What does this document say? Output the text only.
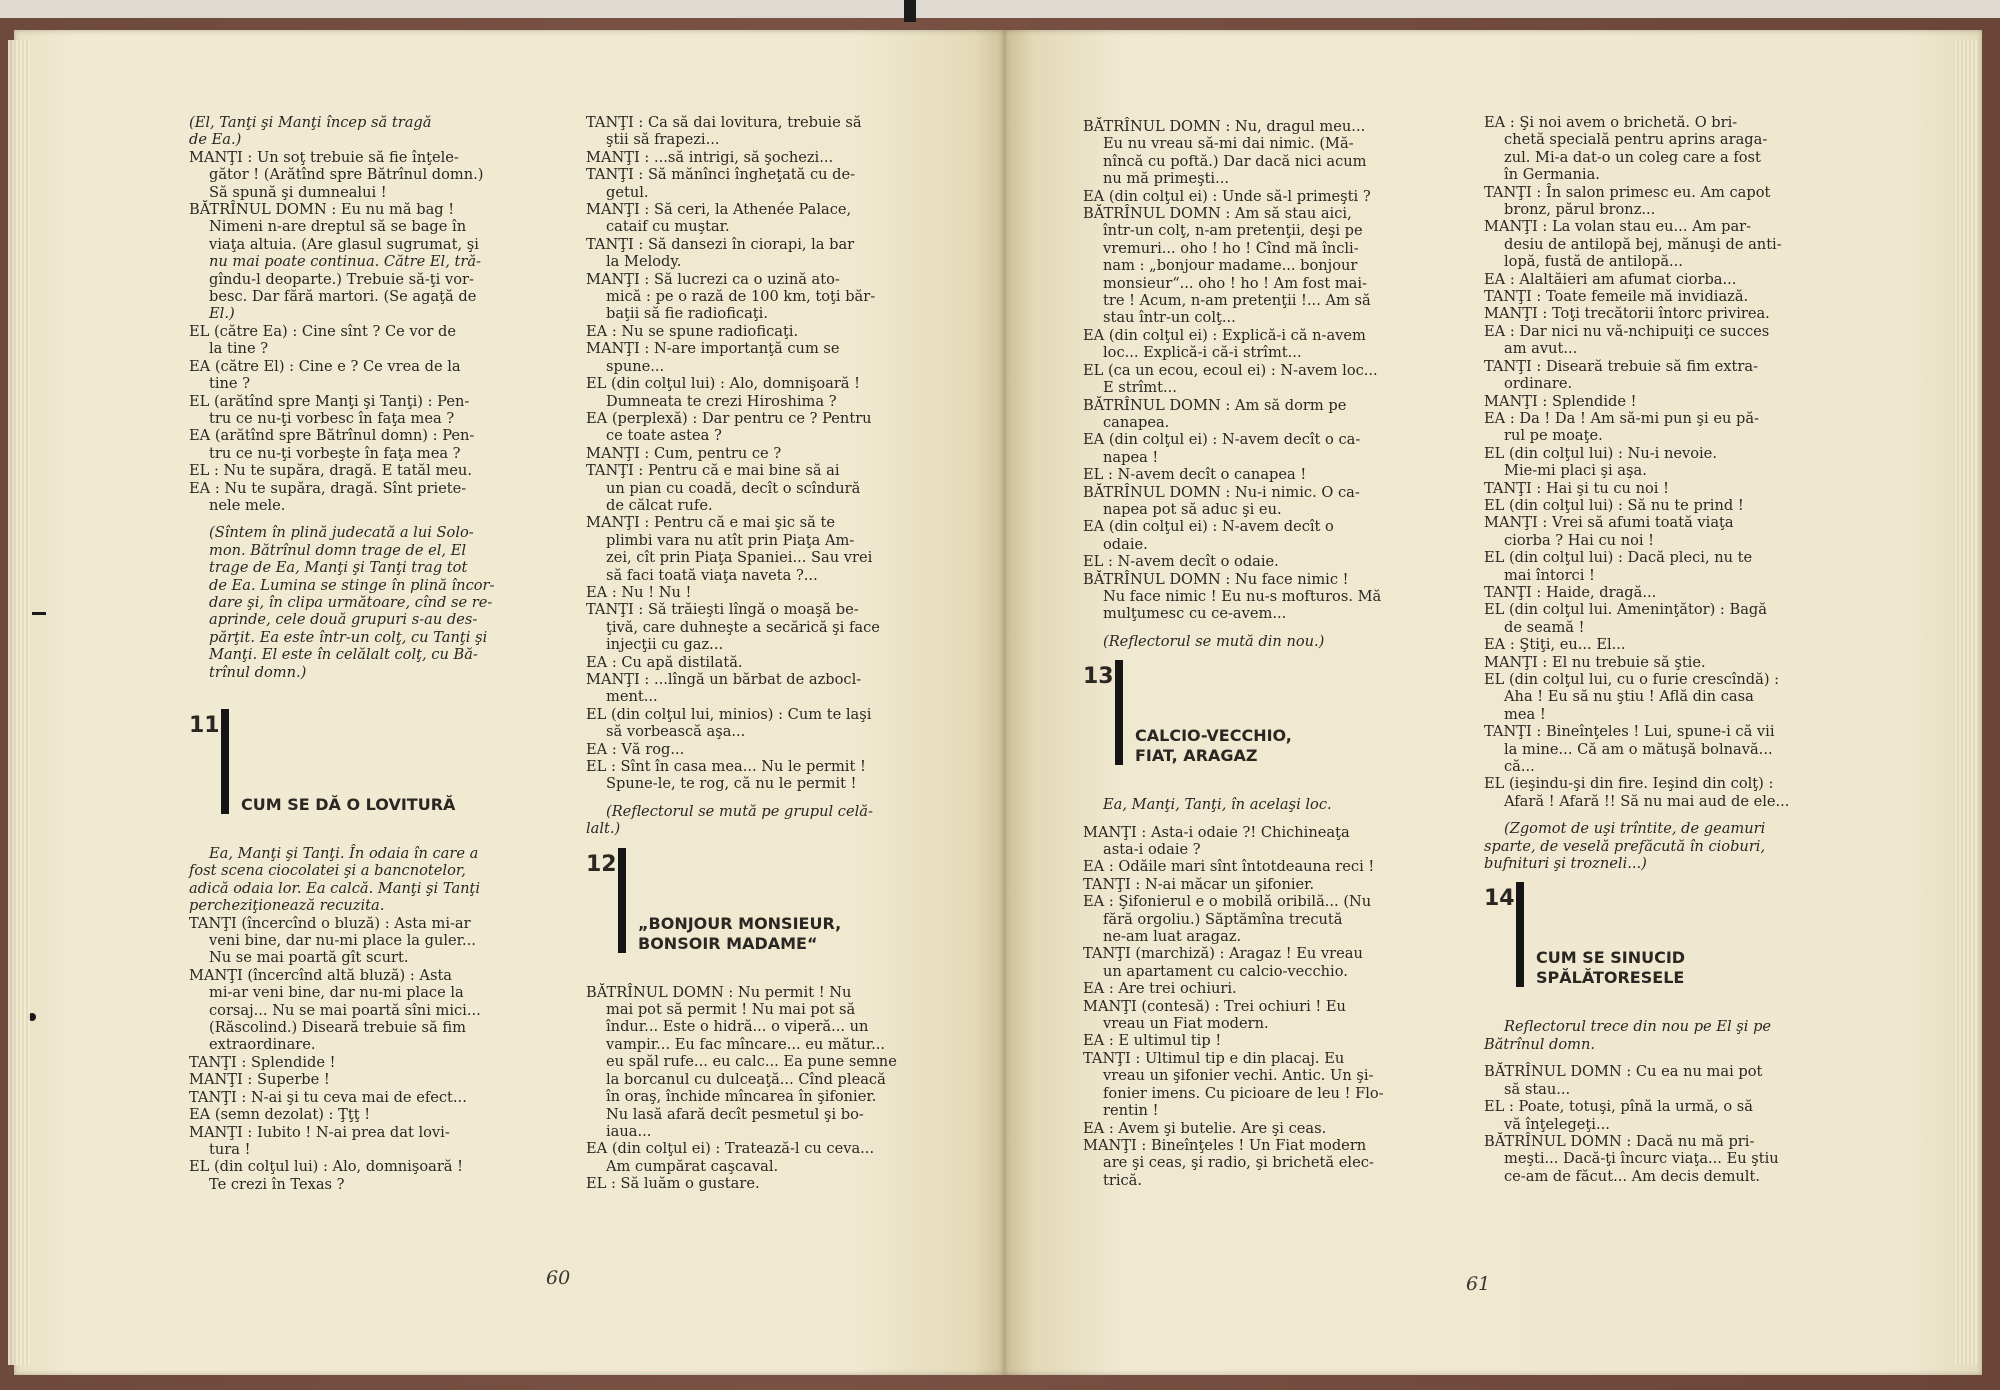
(El, Tanţi şi Manţi încep să tragă
de Ea.)
MANŢI : Un soţ trebuie să fie înţele-
gător ! (Arătînd spre Bătrînul domn.)
Să spună şi dumnealui !
BĂTRÎNUL DOMN : Eu nu mă bag !
Nimeni n-are dreptul să se bage în
viaţa altuia. (Are glasul sugrumat, şi
nu mai poate continua. Către El, tră-
gîndu-l deoparte.) Trebuie să-ţi vor-
besc. Dar fără martori. (Se agaţă de
El.)
EL (către Ea) : Cine sînt ? Ce vor de
la tine ?
EA (către El) : Cine e ? Ce vrea de la
tine ?
EL (arătînd spre Manţi şi Tanţi) : Pen-
tru ce nu-ţi vorbesc în faţa mea ?
EA (arătînd spre Bătrînul domn) : Pen-
tru ce nu-ţi vorbeşte în faţa mea ?
EL : Nu te supăra, dragă. E tatăl meu.
EA : Nu te supăra, dragă. Sînt priete-
nele mele.
(Sîntem în plină judecată a lui Solo-
mon. Bătrînul domn trage de el, El
trage de Ea, Manţi şi Tanţi trag tot
de Ea. Lumina se stinge în plină încor-
dare şi, în clipa următoare, cînd se re-
aprinde, cele două grupuri s-au des-
părţit. Ea este într-un colţ, cu Tanţi şi
Manţi. El este în celălalt colţ, cu Bă-
trînul domn.)
11
CUM SE DĂ O LOVITURĂ
Ea, Manţi şi Tanţi. În odaia în care a
fost scena ciocolatei şi a bancnotelor,
adică odaia lor. Ea calcă. Manţi şi Tanţi
percheziţionează recuzita.
TANŢI (încercînd o bluză) : Asta mi-ar
veni bine, dar nu-mi place la guler...
Nu se mai poartă gît scurt.
MANŢI (încercînd altă bluză) : Asta
mi-ar veni bine, dar nu-mi place la
corsaj... Nu se mai poartă sîni mici...
(Răscolind.) Diseară trebuie să fim
extraordinare.
TANŢI : Splendide !
MANŢI : Superbe !
TANŢI : N-ai şi tu ceva mai de efect...
EA (semn dezolat) : Ţţţ !
MANŢI : Iubito ! N-ai prea dat lovi-
tura !
EL (din colţul lui) : Alo, domnişoară !
Te crezi în Texas ?
TANŢI : Ca să dai lovitura, trebuie să
ştii să frapezi...
MANŢI : ...să intrigi, să şochezi...
TANŢI : Să mănînci îngheţată cu de-
getul.
MANŢI : Să ceri, la Athenée Palace,
cataif cu muştar.
TANŢI : Să dansezi în ciorapi, la bar
la Melody.
MANŢI : Să lucrezi ca o uzină ato-
mică : pe o rază de 100 km, toţi băr-
baţii să fie radioficaţi.
EA : Nu se spune radioficaţi.
MANŢI : N-are importanţă cum se
spune...
EL (din colţul lui) : Alo, domnişoară !
Dumneata te crezi Hiroshima ?
EA (perplexă) : Dar pentru ce ? Pentru
ce toate astea ?
MANŢI : Cum, pentru ce ?
TANŢI : Pentru că e mai bine să ai
un pian cu coadă, decît o scîndură
de călcat rufe.
MANŢI : Pentru că e mai şic să te
plimbi vara nu atît prin Piaţa Am-
zei, cît prin Piaţa Spaniei... Sau vrei
să faci toată viaţa naveta ?...
EA : Nu ! Nu !
TANŢI : Să trăieşti lîngă o moaşă be-
ţivă, care duhneşte a secărică şi face
injecţii cu gaz...
EA : Cu apă distilată.
MANŢI : ...lîngă un bărbat de azbocl-
ment...
EL (din colţul lui, minios) : Cum te laşi
să vorbească aşa...
EA : Vă rog...
EL : Sînt în casa mea... Nu le permit !
Spune-le, te rog, că nu le permit !
(Reflectorul se mută pe grupul celă-
lalt.)
12
„BONJOUR MONSIEUR,
BONSOIR MADAME“
BĂTRÎNUL DOMN : Nu permit ! Nu
mai pot să permit ! Nu mai pot să
îndur... Este o hidră... o viperă... un
vampir... Eu fac mîncare... eu mătur...
eu spăl rufe... eu calc... Ea pune semne
la borcanul cu dulceaţă... Cînd pleacă
în oraş, închide mîncarea în şifonier.
Nu lasă afară decît pesmetul şi bo-
iaua...
EA (din colţul ei) : Tratează-l cu ceva...
Am cumpărat caşcaval.
EL : Să luăm o gustare.
60
BĂTRÎNUL DOMN : Nu, dragul meu...
Eu nu vreau să-mi dai nimic. (Mă-
nîncă cu poftă.) Dar dacă nici acum
nu mă primeşti...
EA (din colţul ei) : Unde să-l primeşti ?
BĂTRÎNUL DOMN : Am să stau aici,
într-un colţ, n-am pretenţii, deşi pe
vremuri... oho ! ho ! Cînd mă încli-
nam : „bonjour madame... bonjour
monsieur“... oho ! ho ! Am fost mai-
tre ! Acum, n-am pretenţii !... Am să
stau într-un colţ...
EA (din colţul ei) : Explică-i că n-avem
loc... Explică-i că-i strîmt...
EL (ca un ecou, ecoul ei) : N-avem loc...
E strîmt...
BĂTRÎNUL DOMN : Am să dorm pe
canapea.
EA (din colţul ei) : N-avem decît o ca-
napea !
EL : N-avem decît o canapea !
BĂTRÎNUL DOMN : Nu-i nimic. O ca-
napea pot să aduc şi eu.
EA (din colţul ei) : N-avem decît o
odaie.
EL : N-avem decît o odaie.
BĂTRÎNUL DOMN : Nu face nimic !
Nu face nimic ! Eu nu-s mofturos. Mă
mulţumesc cu ce-avem...
(Reflectorul se mută din nou.)
13
CALCIO-VECCHIO,
FIAT, ARAGAZ
Ea, Manţi, Tanţi, în acelaşi loc.
MANŢI : Asta-i odaie ?! Chichineaţa
asta-i odaie ?
EA : Odăile mari sînt întotdeauna reci !
TANŢI : N-ai măcar un şifonier.
EA : Şifonierul e o mobilă oribilă... (Nu
fără orgoliu.) Săptămîna trecută
ne-am luat aragaz.
TANŢI (marchiză) : Aragaz ! Eu vreau
un apartament cu calcio-vecchio.
EA : Are trei ochiuri.
MANŢI (contesă) : Trei ochiuri ! Eu
vreau un Fiat modern.
EA : E ultimul tip !
TANŢI : Ultimul tip e din placaj. Eu
vreau un şifonier vechi. Antic. Un şi-
fonier imens. Cu picioare de leu ! Flo-
rentin !
EA : Avem şi butelie. Are şi ceas.
MANŢI : Bineînţeles ! Un Fiat modern
are şi ceas, şi radio, şi brichetă elec-
trică.
EA : Şi noi avem o brichetă. O bri-
chetă specială pentru aprins araga-
zul. Mi-a dat-o un coleg care a fost
în Germania.
TANŢI : În salon primesc eu. Am capot
bronz, părul bronz...
MANŢI : La volan stau eu... Am par-
desiu de antilopă bej, mănuşi de anti-
lopă, fustă de antilopă...
EA : Alaltăieri am afumat ciorba...
TANŢI : Toate femeile mă invidiază.
MANŢI : Toţi trecătorii întorc privirea.
EA : Dar nici nu vă-nchipuiţi ce succes
am avut...
TANŢI : Diseară trebuie să fim extra-
ordinare.
MANŢI : Splendide !
EA : Da ! Da ! Am să-mi pun şi eu pă-
rul pe moaţe.
EL (din colţul lui) : Nu-i nevoie.
Mie-mi placi şi aşa.
TANŢI : Hai şi tu cu noi !
EL (din colţul lui) : Să nu te prind !
MANŢI : Vrei să afumi toată viaţa
ciorba ? Hai cu noi !
EL (din colţul lui) : Dacă pleci, nu te
mai întorci !
TANŢI : Haide, dragă...
EL (din colţul lui. Ameninţător) : Bagă
de seamă !
EA : Ştiţi, eu... El...
MANŢI : El nu trebuie să ştie.
EL (din colţul lui, cu o furie crescîndă) :
Aha ! Eu să nu ştiu ! Află din casa
mea !
TANŢI : Bineînţeles ! Lui, spune-i că vii
la mine... Că am o mătuşă bolnavă...
că...
EL (ieşindu-şi din fire. Ieşind din colţ) :
Afară ! Afară !! Să nu mai aud de ele...
(Zgomot de uşi trîntite, de geamuri
sparte, de veselă prefăcută în cioburi,
bufnituri şi trozneli...)
14
CUM SE SINUCID
SPĂLĂTORESELE
Reflectorul trece din nou pe El şi pe
Bătrînul domn.
BĂTRÎNUL DOMN : Cu ea nu mai pot
să stau...
EL : Poate, totuşi, pînă la urmă, o să
vă înţelegeţi...
BĂTRÎNUL DOMN : Dacă nu mă pri-
meşti... Dacă-ţi încurc viaţa... Eu ştiu
ce-am de făcut... Am decis demult.
61
